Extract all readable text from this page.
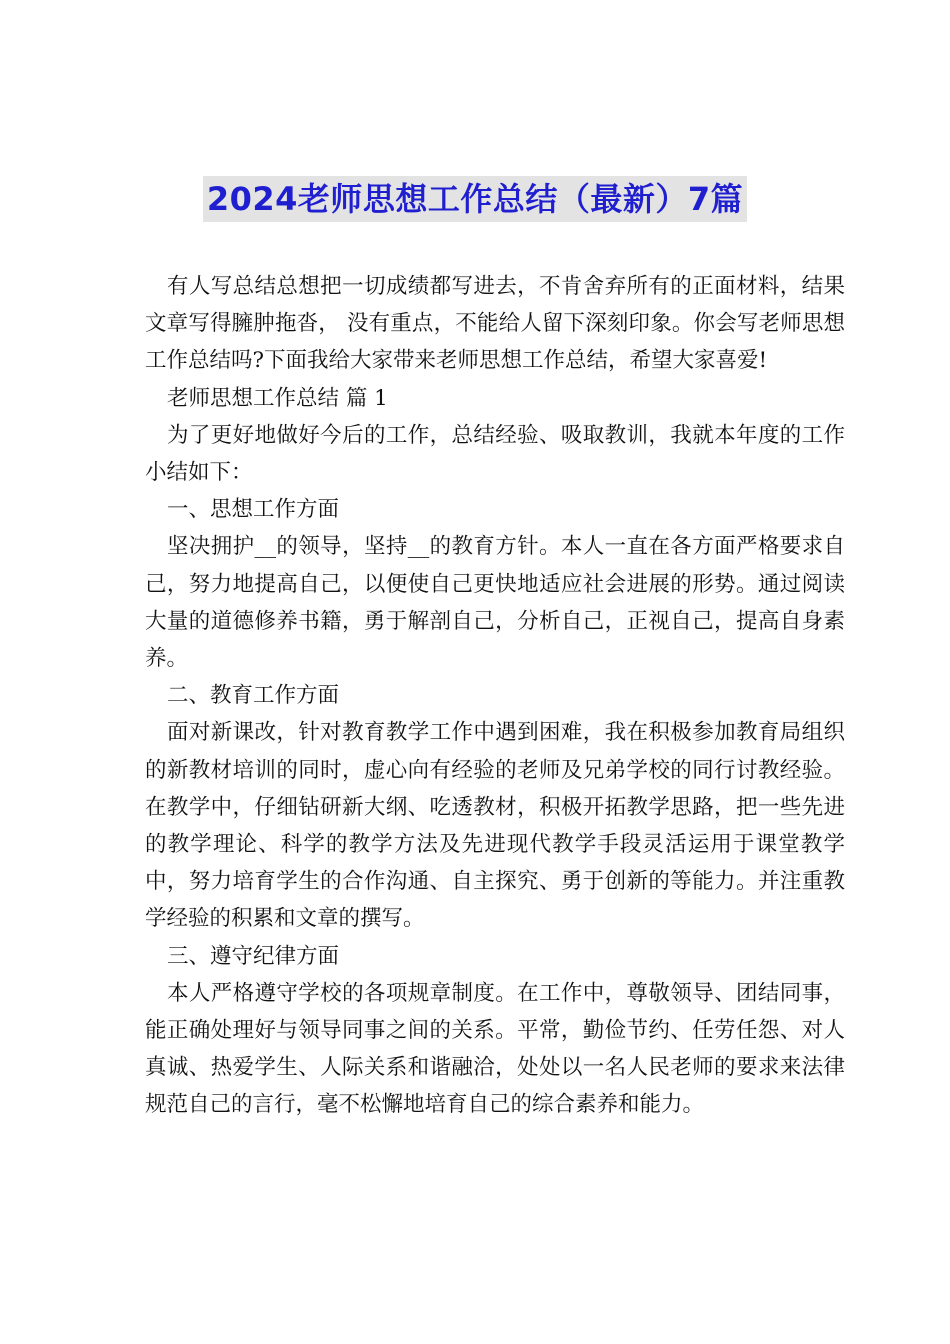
2024老师思想工作总结（最新）7篇

有人写总结总想把一切成绩都写进去，不肯舍弃所有的正面材料，结果文章写得臃肿拖沓， 没有重点，不能给人留下深刻印象。你会写老师思想工作总结吗?下面我给大家带来老师思想工作总结，希望大家喜爱!

老师思想工作总结 篇 1

为了更好地做好今后的工作，总结经验、吸取教训，我就本年度的工作小结如下：

一、思想工作方面

坚决拥护__的领导，坚持__的教育方针。本人一直在各方面严格要求自己，努力地提高自己，以便使自己更快地适应社会进展的形势。通过阅读大量的道德修养书籍，勇于解剖自己，分析自己，正视自己，提高自身素养。

二、教育工作方面

面对新课改，针对教育教学工作中遇到困难，我在积极参加教育局组织的新教材培训的同时，虚心向有经验的老师及兄弟学校的同行讨教经验。在教学中，仔细钻研新大纲、吃透教材，积极开拓教学思路，把一些先进的教学理论、科学的教学方法及先进现代教学手段灵活运用于课堂教学中，努力培育学生的合作沟通、自主探究、勇于创新的等能力。并注重教学经验的积累和文章的撰写。

三、遵守纪律方面

本人严格遵守学校的各项规章制度。在工作中，尊敬领导、团结同事，能正确处理好与领导同事之间的关系。平常，勤俭节约、任劳任怨、对人真诚、热爱学生、人际关系和谐融洽，处处以一名人民老师的要求来法律规范自己的言行，毫不松懈地培育自己的综合素养和能力。
